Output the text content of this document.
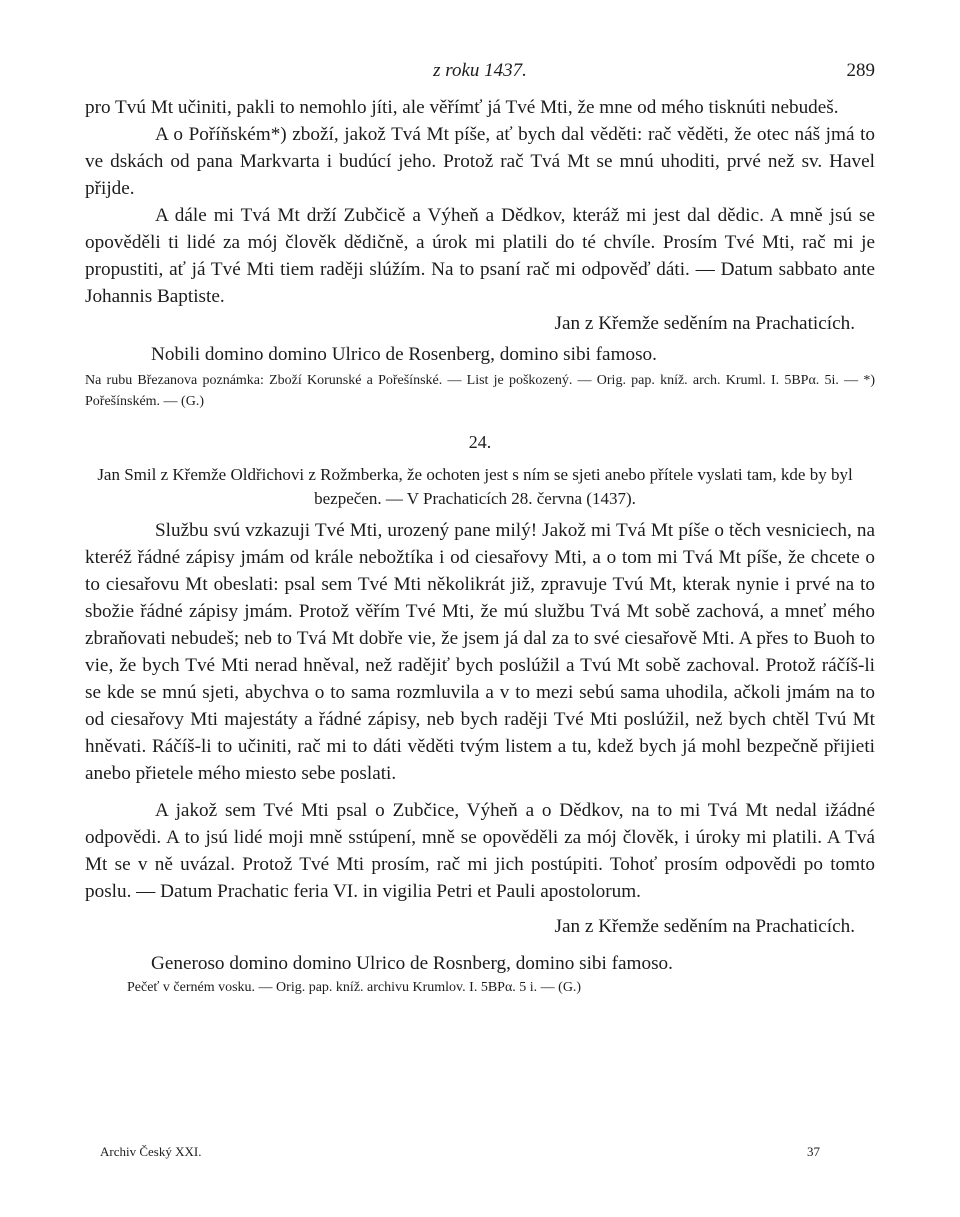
z roku 1437.	289

pro Tvú Mt učiniti, pakli to nemohlo jíti, ale věřímť já Tvé Mti, že mne od mého tisknúti nebudeš.

A o Poříňském*) zboží, jakož Tvá Mt píše, ať bych dal věděti: rač věděti, že otec náš jmá to ve dskách od pana Markvarta i budúcí jeho. Protož rač Tvá Mt se mnú uhoditi, prvé než sv. Havel přijde.

A dále mi Tvá Mt drží Zubčicě a Výheň a Dědkov, kteráž mi jest dal dědic. A mně jsú se opověděli ti lidé za mój člověk dědičně, a úrok mi platili do té chvíle. Prosím Tvé Mti, rač mi je propustiti, ať já Tvé Mti tiem raději slúžím. Na to psaní rač mi odpověď dáti. — Datum sabbato ante Johannis Baptiste.

Jan z Křemže seděním na Prachaticích.
Nobili domino domino Ulrico de Rosenberg, domino sibi famoso.

Na rubu Březanova poznámka: Zboží Korunské a Pořešínské. — List je poškozený. — Orig. pap. kníž. arch. Kruml. I. 5BPα. 5i. — *) Pořešínském. — (G.)

24.

Jan Smil z Křemže Oldřichovi z Rožmberka, že ochoten jest s ním se sjeti anebo přítele vyslati tam, kde by byl bezpečen. — V Prachaticích 28. června (1437).

Službu svú vzkazuji Tvé Mti, urozený pane milý! Jakož mi Tvá Mt píše o těch vesniciech, na kteréž řádné zápisy jmám od krále nebožtíka i od ciesařovy Mti, a o tom mi Tvá Mt píše, že chcete o to ciesařovu Mt obeslati: psal sem Tvé Mti několikrát již, zpravuje Tvú Mt, kterak nynie i prvé na to sbožie řádné zápisy jmám. Protož věřím Tvé Mti, že mú službu Tvá Mt sobě zachová, a mneť mého zbraňovati nebudeš; neb to Tvá Mt dobře vie, že jsem já dal za to své ciesařově Mti. A přes to Buoh to vie, že bych Tvé Mti nerad hněval, než radějiť bych poslúžil a Tvú Mt sobě zachoval. Protož ráčíš-li se kde se mnú sjeti, abychva o to sama rozmluvila a v to mezi sebú sama uhodila, ačkoli jmám na to od ciesařovy Mti majestáty a řádné zápisy, neb bych raději Tvé Mti poslúžil, než bych chtěl Tvú Mt hněvati. Ráčíš-li to učiniti, rač mi to dáti věděti tvým listem a tu, kdež bych já mohl bezpečně přijieti anebo přietele mého miesto sebe poslati.

A jakož sem Tvé Mti psal o Zubčice, Výheň a o Dědkov, na to mi Tvá Mt nedal ižádné odpovědi. A to jsú lidé moji mně sstúpení, mně se opověděli za mój člověk, i úroky mi platili. A Tvá Mt se v ně uvázal. Protož Tvé Mti prosím, rač mi jich postúpiti. Tohoť prosím odpovědi po tomto poslu. — Datum Prachatic feria VI. in vigilia Petri et Pauli apostolorum.

Jan z Křemže seděním na Prachaticích.
Generoso domino domino Ulrico de Rosnberg, domino sibi famoso.

Pečeť v černém vosku. — Orig. pap. kníž. archivu Krumlov. I. 5BPα. 5 i. — (G.)

Archiv Český XXI.	37
